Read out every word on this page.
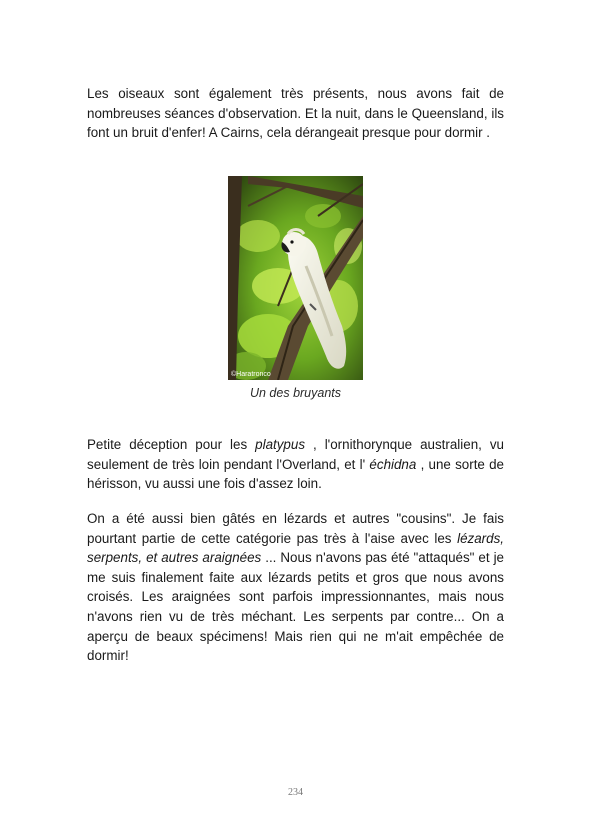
Les oiseaux sont également très présents, nous avons fait de nombreuses séances d'observation. Et la nuit, dans le Queensland, ils font un bruit d'enfer! A Cairns, cela dérangeait presque pour dormir .

©Haratronco
Un des bruyants

Petite déception pour les platypus , l'ornithorynque australien, vu seulement de très loin pendant l'Overland, et l' échidna , une sorte de hérisson, vu aussi une fois d'assez loin.

On a été aussi bien gâtés en lézards et autres "cousins". Je fais pourtant partie de cette catégorie pas très à l'aise avec les lézards, serpents, et autres araignées ... Nous n'avons pas été "attaqués" et je me suis finalement faite aux lézards petits et gros que nous avons croisés. Les araignées sont parfois impressionnantes, mais nous n'avons rien vu de très méchant. Les serpents par contre... On a aperçu de beaux spécimens! Mais rien qui ne m'ait empêchée de dormir!

234
